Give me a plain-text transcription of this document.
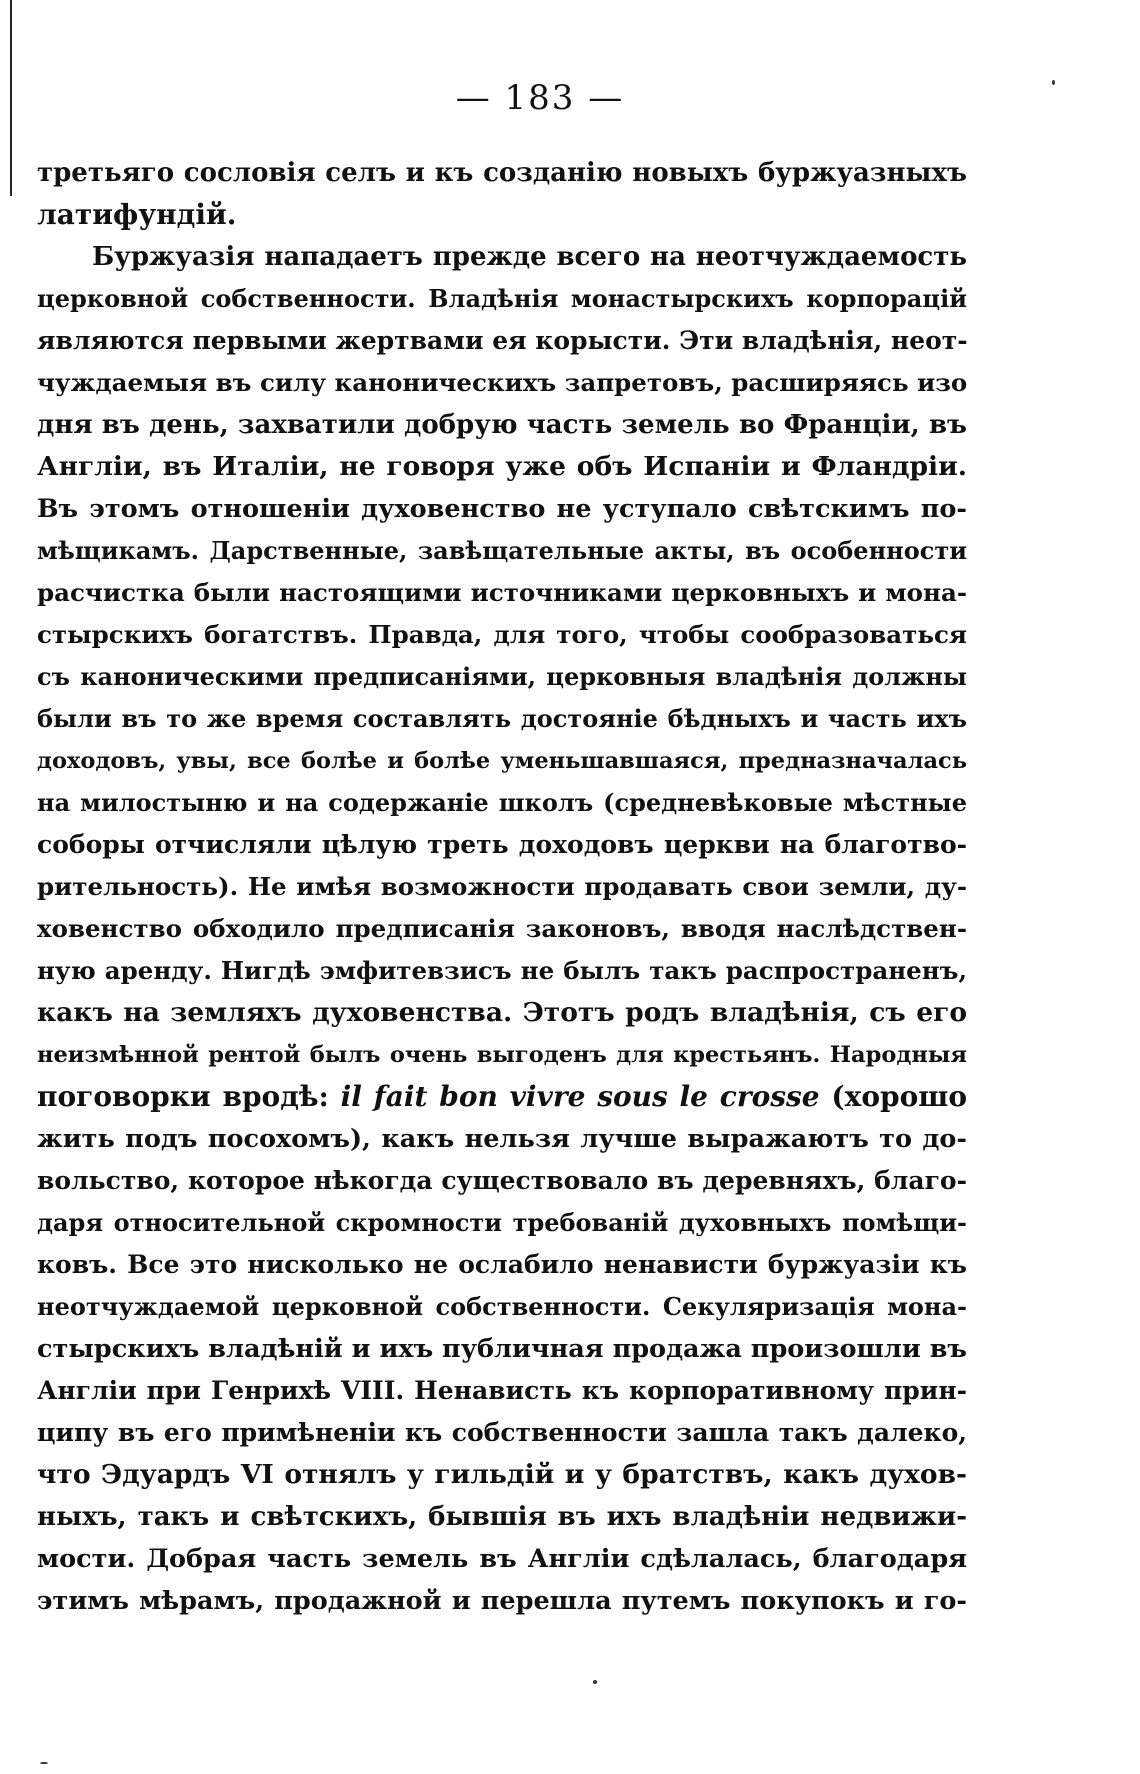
— 183 —
третьяго сословія селъ и къ созданію новыхъ буржуазныхъ
латифундій.
Буржуазія нападаетъ прежде всего на неотчуждаемость
церковной собственности. Владѣнія монастырскихъ корпорацій
являются первыми жертвами ея корысти. Эти владѣнія, неот-
чуждаемыя въ силу каноническихъ запретовъ, расширяясь изо
дня въ день, захватили добрую часть земель во Франціи, въ
Англіи, въ Италіи, не говоря уже объ Испаніи и Фландріи.
Въ этомъ отношеніи духовенство не уступало свѣтскимъ по-
мѣщикамъ. Дарственные, завѣщательные акты, въ особенности
расчистка были настоящими источниками церковныхъ и мона-
стырскихъ богатствъ. Правда, для того, чтобы сообразоваться
съ каноническими предписаніями, церковныя владѣнія должны
были въ то же время составлять достояніе бѣдныхъ и часть ихъ
доходовъ, увы, все болѣе и болѣе уменьшавшаяся, предназначалась
на милостыню и на содержаніе школъ (средневѣковые мѣстные
соборы отчисляли цѣлую треть доходовъ церкви на благотво-
рительность). Не имѣя возможности продавать свои земли, ду-
ховенство обходило предписанія законовъ, вводя наслѣдствен-
ную аренду. Нигдѣ эмфитевзисъ не былъ такъ распространенъ,
какъ на земляхъ духовенства. Этотъ родъ владѣнія, съ его
неизмѣнной рентой былъ очень выгоденъ для крестьянъ. Народныя
поговорки вродѣ: il fait bon vivre sous le crosse (хорошо
жить подъ посохомъ), какъ нельзя лучше выражаютъ то до-
вольство, которое нѣкогда существовало въ деревняхъ, благо-
даря относительной скромности требованій духовныхъ помѣщи-
ковъ. Все это нисколько не ослабило ненависти буржуазіи къ
неотчуждаемой церковной собственности. Секуляризація мона-
стырскихъ владѣній и ихъ публичная продажа произошли въ
Англіи при Генрихѣ VIII. Ненависть къ корпоративному прин-
ципу въ его примѣненіи къ собственности зашла такъ далеко,
что Эдуардъ VI отнялъ у гильдій и у братствъ, какъ духов-
ныхъ, такъ и свѣтскихъ, бывшія въ ихъ владѣніи недвижи-
мости. Добрая часть земель въ Англіи сдѣлалась, благодаря
этимъ мѣрамъ, продажной и перешла путемъ покупокъ и го-
